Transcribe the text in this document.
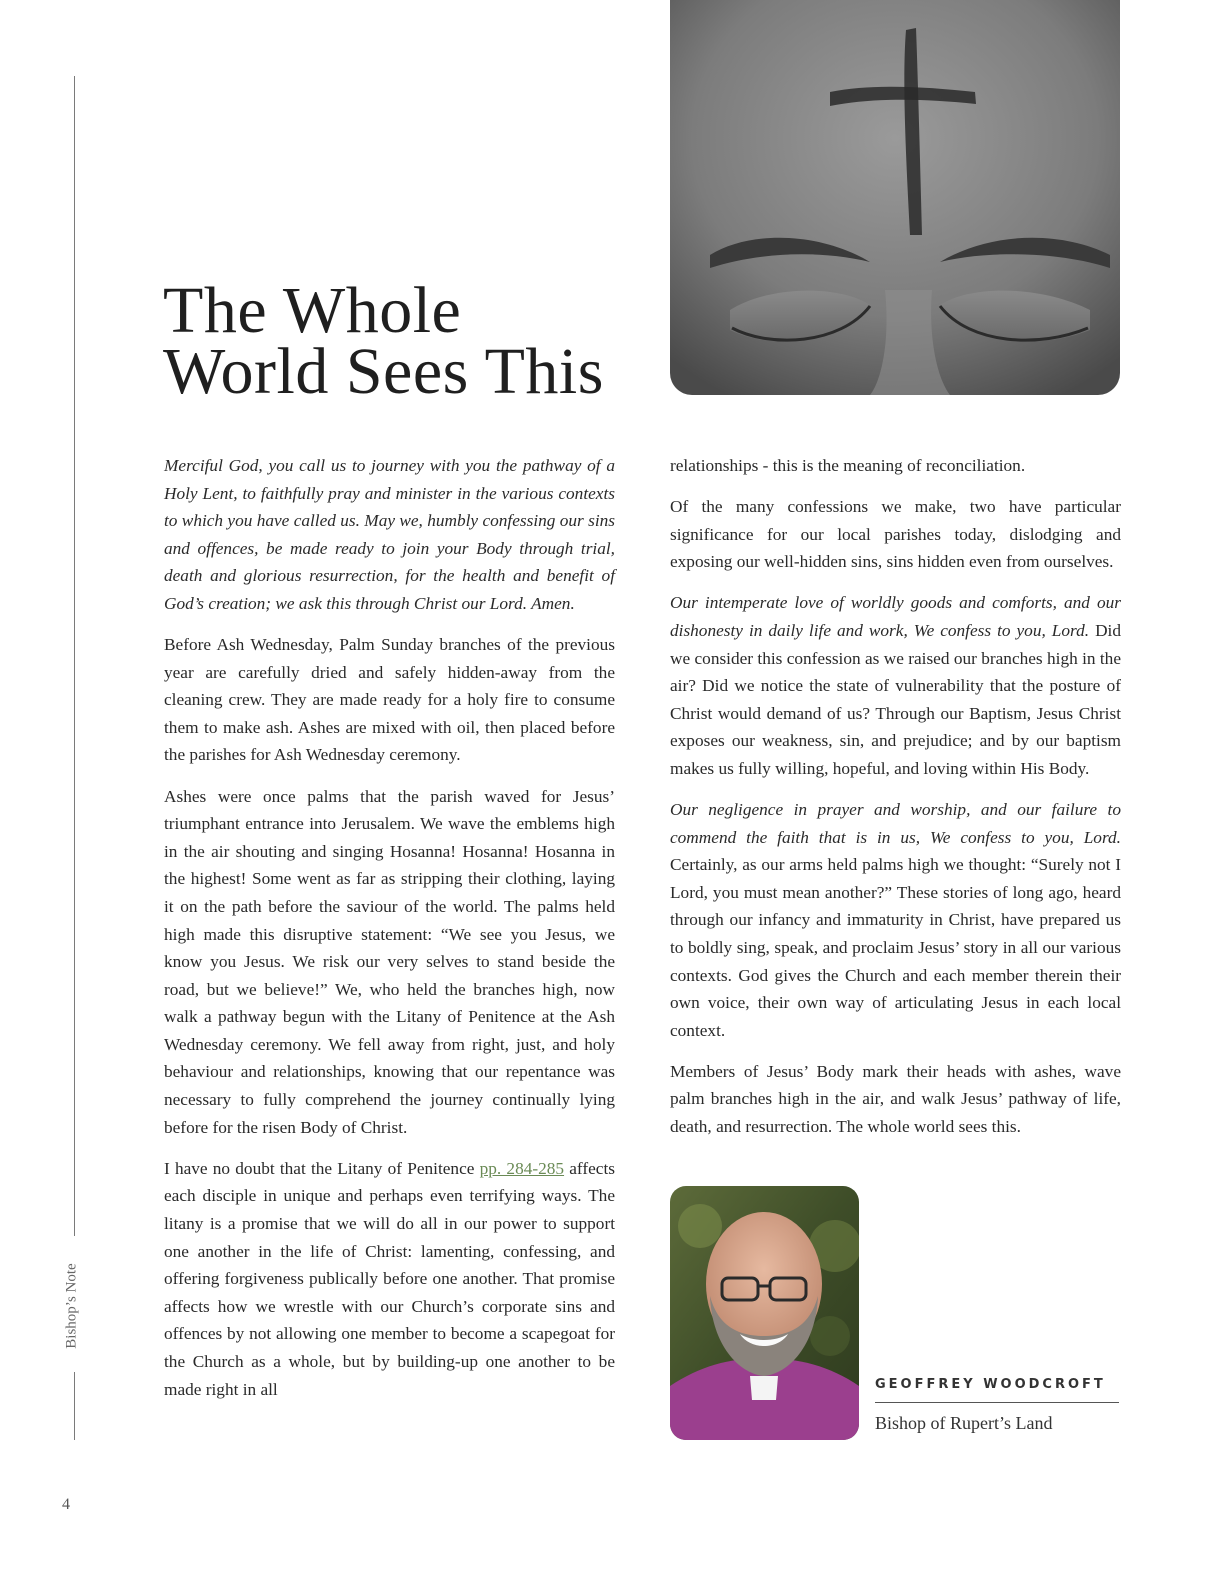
Bishop’s Note
4
The Whole
World Sees This

Merciful God, you call us to journey with you the pathway of a Holy Lent, to faithfully pray and minister in the various contexts to which you have called us. May we, humbly confessing our sins and offences, be made ready to join your Body through trial, death and glorious resurrection, for the health and benefit of God’s creation; we ask this through Christ our Lord. Amen.

Before Ash Wednesday, Palm Sunday branches of the previous year are carefully dried and safely hidden-away from the cleaning crew. They are made ready for a holy fire to consume them to make ash. Ashes are mixed with oil, then placed before the parishes for Ash Wednesday ceremony.

Ashes were once palms that the parish waved for Jesus’ triumphant entrance into Jerusalem. We wave the emblems high in the air shouting and singing Hosanna! Hosanna! Hosanna in the highest! Some went as far as stripping their clothing, laying it on the path before the saviour of the world. The palms held high made this disruptive statement: “We see you Jesus, we know you Jesus. We risk our very selves to stand beside the road, but we believe!” We, who held the branches high, now walk a pathway begun with the Litany of Penitence at the Ash Wednesday ceremony. We fell away from right, just, and holy behaviour and relationships, knowing that our repentance was necessary to fully comprehend the journey continually lying before for the risen Body of Christ.

I have no doubt that the Litany of Penitence pp. 284-285 affects each disciple in unique and perhaps even terrifying ways. The litany is a promise that we will do all in our power to support one another in the life of Christ: lamenting, confessing, and offering forgiveness publically before one another. That promise affects how we wrestle with our Church’s corporate sins and offences by not allowing one member to become a scapegoat for the Church as a whole, but by building-up one another to be made right in all

relationships - this is the meaning of reconciliation.

Of the many confessions we make, two have particular significance for our local parishes today, dislodging and exposing our well-hidden sins, sins hidden even from ourselves.

Our intemperate love of worldly goods and comforts, and our dishonesty in daily life and work, We confess to you, Lord. Did we consider this confession as we raised our branches high in the air? Did we notice the state of vulnerability that the posture of Christ would demand of us? Through our Baptism, Jesus Christ exposes our weakness, sin, and prejudice; and by our baptism makes us fully willing, hopeful, and loving within His Body.

Our negligence in prayer and worship, and our failure to commend the faith that is in us, We confess to you, Lord. Certainly, as our arms held palms high we thought: “Surely not I Lord, you must mean another?” These stories of long ago, heard through our infancy and immaturity in Christ, have prepared us to boldly sing, speak, and proclaim Jesus’ story in all our various contexts. God gives the Church and each member therein their own voice, their own way of articulating Jesus in each local context.

Members of Jesus’ Body mark their heads with ashes, wave palm branches high in the air, and walk Jesus’ pathway of life, death, and resurrection. The whole world sees this.

GEOFFREY WOODCROFT
Bishop of Rupert’s Land
